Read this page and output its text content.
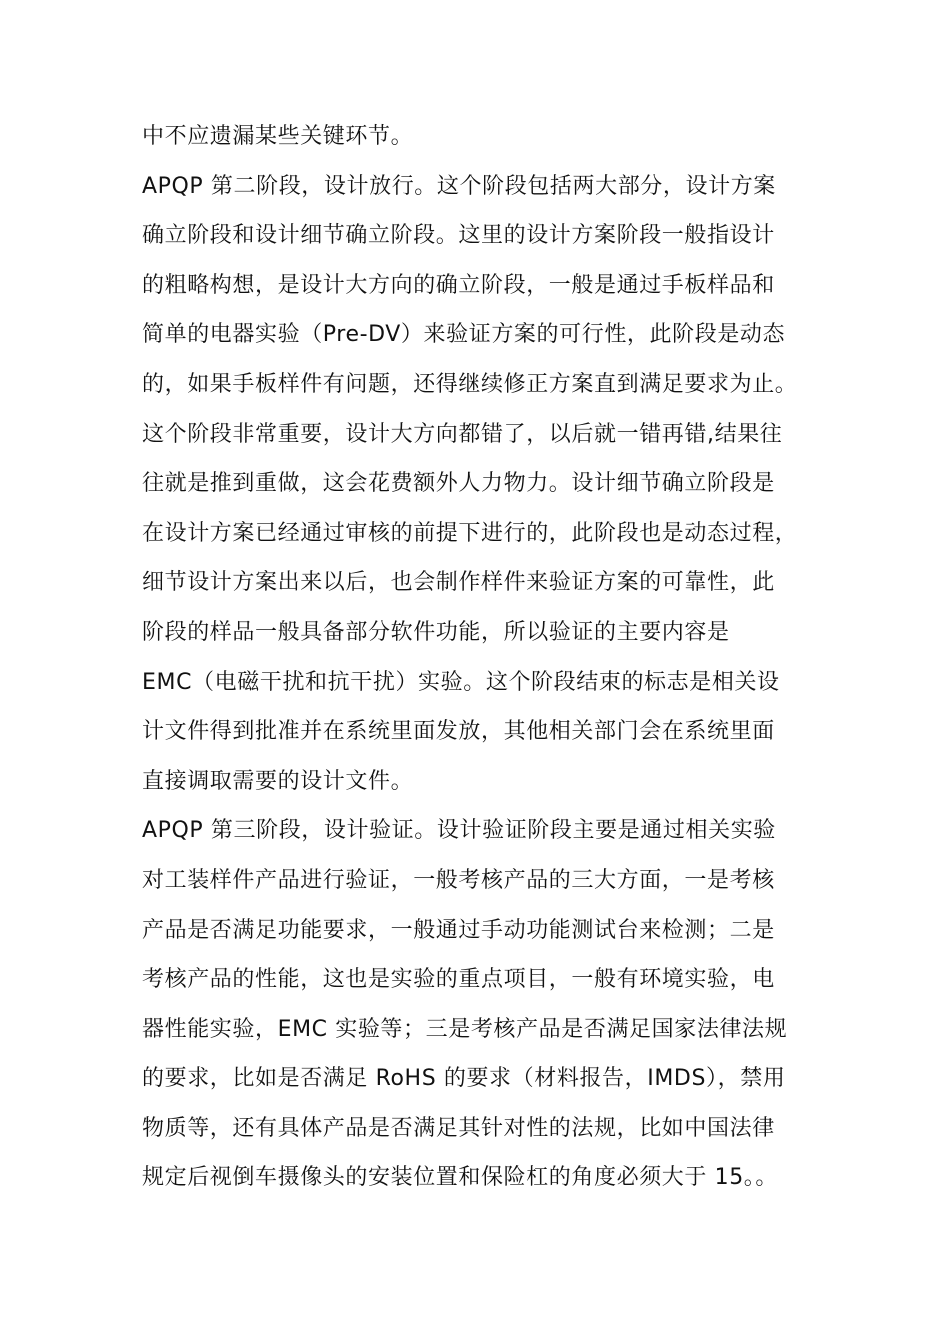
中不应遗漏某些关键环节。
APQP 第二阶段，设计放行。这个阶段包括两大部分，设计方案
确立阶段和设计细节确立阶段。这里的设计方案阶段一般指设计
的粗略构想，是设计大方向的确立阶段，一般是通过手板样品和
简单的电器实验（Pre-DV）来验证方案的可行性，此阶段是动态
的，如果手板样件有问题，还得继续修正方案直到满足要求为止。
这个阶段非常重要，设计大方向都错了，以后就一错再错,结果往
往就是推到重做，这会花费额外人力物力。设计细节确立阶段是
在设计方案已经通过审核的前提下进行的，此阶段也是动态过程，
细节设计方案出来以后，也会制作样件来验证方案的可靠性，此
阶段的样品一般具备部分软件功能，所以验证的主要内容是
EMC（电磁干扰和抗干扰）实验。这个阶段结束的标志是相关设
计文件得到批准并在系统里面发放，其他相关部门会在系统里面
直接调取需要的设计文件。
APQP 第三阶段，设计验证。设计验证阶段主要是通过相关实验
对工装样件产品进行验证，一般考核产品的三大方面，一是考核
产品是否满足功能要求，一般通过手动功能测试台来检测；二是
考核产品的性能，这也是实验的重点项目，一般有环境实验，电
器性能实验，EMC 实验等；三是考核产品是否满足国家法律法规
的要求，比如是否满足 RoHS 的要求（材料报告，IMDS），禁用
物质等，还有具体产品是否满足其针对性的法规，比如中国法律
规定后视倒车摄像头的安装位置和保险杠的角度必须大于 15。。
